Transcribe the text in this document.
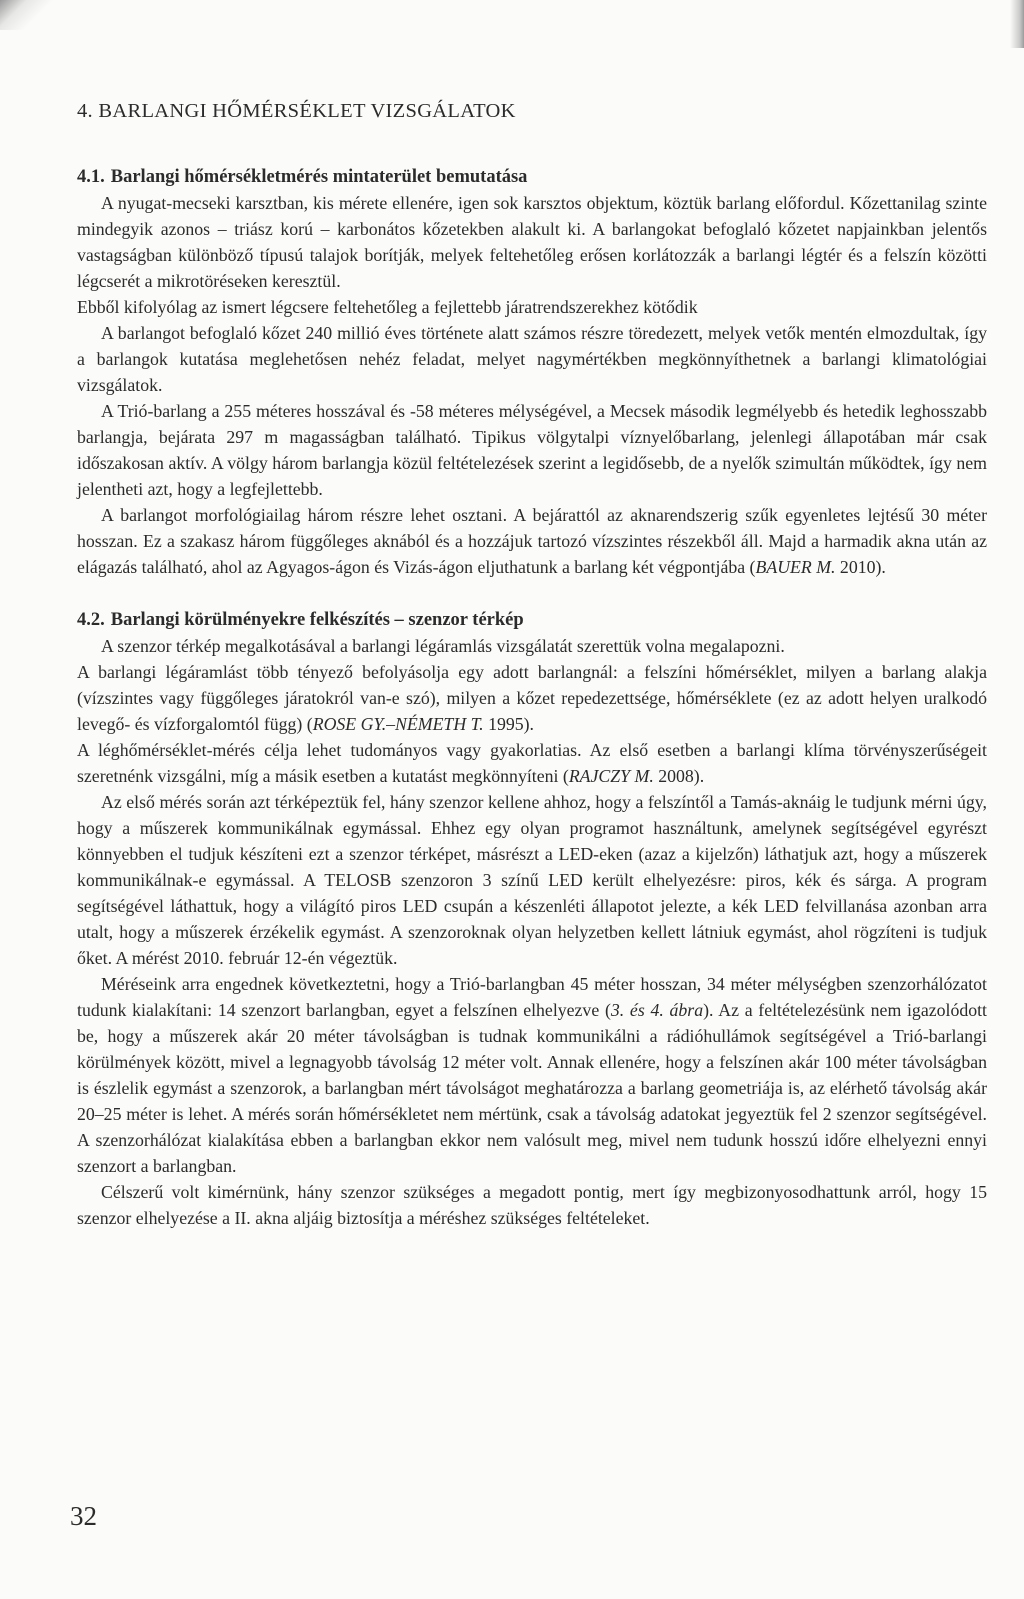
4. BARLANGI HŐMÉRSÉKLET VIZSGÁLATOK
4.1. Barlangi hőmérsékletmérés mintaterület bemutatása

A nyugat-mecseki karsztban, kis mérete ellenére, igen sok karsztos objektum, köztük barlang előfordul. Kőzettanilag szinte mindegyik azonos – triász korú – karbonátos kőzetekben alakult ki. A barlangokat befoglaló kőzetet napjainkban jelentős vastagságban különböző típusú talajok borítják, melyek feltehetőleg erősen korlátozzák a barlangi légtér és a felszín közötti légcserét a mikrotöréseken keresztül.

Ebből kifolyólag az ismert légcsere feltehetőleg a fejlettebb járatrendszerekhez kötődik

A barlangot befoglaló kőzet 240 millió éves története alatt számos részre töredezett, melyek vetők mentén elmozdultak, így a barlangok kutatása meglehetősen nehéz feladat, melyet nagymértékben megkönnyíthetnek a barlangi klimatológiai vizsgálatok.

A Trió-barlang a 255 méteres hosszával és -58 méteres mélységével, a Mecsek második legmélyebb és hetedik leghosszabb barlangja, bejárata 297 m magasságban található. Tipikus völgytalpi víznyelőbarlang, jelenlegi állapotában már csak időszakosan aktív. A völgy három barlangja közül feltételezések szerint a legidősebb, de a nyelők szimultán működtek, így nem jelentheti azt, hogy a legfejlettebb.

A barlangot morfológiailag három részre lehet osztani. A bejárattól az aknarendszerig szűk egyenletes lejtésű 30 méter hosszan. Ez a szakasz három függőleges aknából és a hozzájuk tartozó vízszintes részekből áll. Majd a harmadik akna után az elágazás található, ahol az Agyagos-ágon és Vizás-ágon eljuthatunk a barlang két végpontjába (BAUER M. 2010).

4.2. Barlangi körülményekre felkészítés – szenzor térkép

A szenzor térkép megalkotásával a barlangi légáramlás vizsgálatát szerettük volna megalapozni.

A barlangi légáramlást több tényező befolyásolja egy adott barlangnál: a felszíni hőmérséklet, milyen a barlang alakja (vízszintes vagy függőleges járatokról van-e szó), milyen a kőzet repedezettsége, hőmérséklete (ez az adott helyen uralkodó levegő- és vízforgalomtól függ) (ROSE GY.–NÉMETH T. 1995).

A léghőmérséklet-mérés célja lehet tudományos vagy gyakorlatias. Az első esetben a barlangi klíma törvényszerűségeit szeretnénk vizsgálni, míg a másik esetben a kutatást megkönnyíteni (RAJCZY M. 2008).

Az első mérés során azt térképeztük fel, hány szenzor kellene ahhoz, hogy a felszíntől a Tamás-aknáig le tudjunk mérni úgy, hogy a műszerek kommunikálnak egymással. Ehhez egy olyan programot használtunk, amelynek segítségével egyrészt könnyebben el tudjuk készíteni ezt a szenzor térképet, másrészt a LED-eken (azaz a kijelzőn) láthatjuk azt, hogy a műszerek kommunikálnak-e egymással. A TELOSB szenzoron 3 színű LED került elhelyezésre: piros, kék és sárga. A program segítségével láthattuk, hogy a világító piros LED csupán a készenléti állapotot jelezte, a kék LED felvillanása azonban arra utalt, hogy a műszerek érzékelik egymást. A szenzoroknak olyan helyzetben kellett látniuk egymást, ahol rögzíteni is tudjuk őket. A mérést 2010. február 12-én végeztük.

Méréseink arra engednek következtetni, hogy a Trió-barlangban 45 méter hosszan, 34 méter mélységben szenzorhálózatot tudunk kialakítani: 14 szenzort barlangban, egyet a felszínen elhelyezve (3. és 4. ábra). Az a feltételezésünk nem igazolódott be, hogy a műszerek akár 20 méter távolságban is tudnak kommunikálni a rádióhullámok segítségével a Trió-barlangi körülmények között, mivel a legnagyobb távolság 12 méter volt. Annak ellenére, hogy a felszínen akár 100 méter távolságban is észlelik egymást a szenzorok, a barlangban mért távolságot meghatározza a barlang geometriája is, az elérhető távolság akár 20–25 méter is lehet. A mérés során hőmérsékletet nem mértünk, csak a távolság adatokat jegyeztük fel 2 szenzor segítségével. A szenzorhálózat kialakítása ebben a barlangban ekkor nem valósult meg, mivel nem tudunk hosszú időre elhelyezni ennyi szenzort a barlangban.

Célszerű volt kimérnünk, hány szenzor szükséges a megadott pontig, mert így megbizonyosodhattunk arról, hogy 15 szenzor elhelyezése a II. akna aljáig biztosítja a méréshez szükséges feltételeket.

32
